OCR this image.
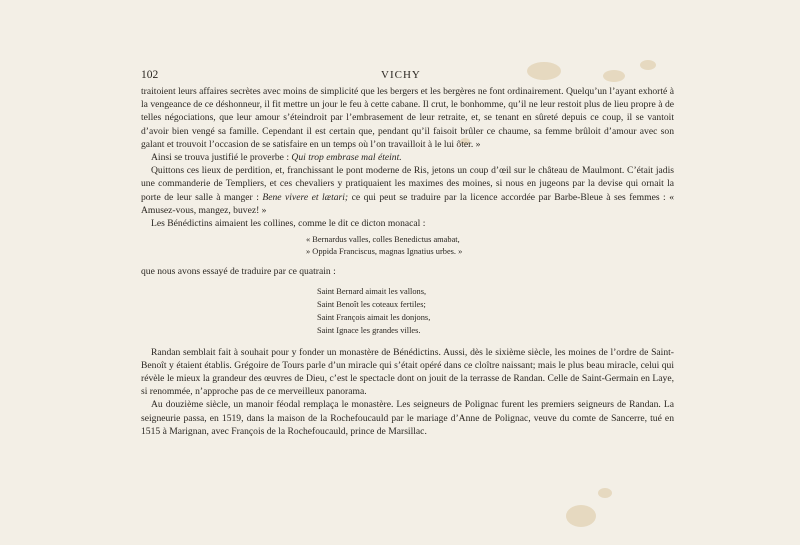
102	VICHY

traitoient leurs affaires secrètes avec moins de simplicité que les bergers et les bergères ne font ordinairement. Quelqu’un l’ayant exhorté à la vengeance de ce déshonneur, il fit mettre un jour le feu à cette cabane. Il crut, le bonhomme, qu’il ne leur restoit plus de lieu propre à de telles négociations, que leur amour s’éteindroit par l’embrasement de leur retraite, et, se tenant en sûreté depuis ce coup, il se vantoit d’avoir bien vengé sa famille. Cependant il est certain que, pendant qu’il faisoit brûler ce chaume, sa femme brûloit d’amour avec son galant et trouvoit l’occasion de se satisfaire en un temps où l’on travailloit à le lui ôter. »

Ainsi se trouva justifié le proverbe : Qui trop embrase mal éteint.

Quittons ces lieux de perdition, et, franchissant le pont moderne de Ris, jetons un coup d’œil sur le château de Maulmont. C’était jadis une commanderie de Templiers, et ces chevaliers y pratiquaient les maximes des moines, si nous en jugeons par la devise qui ornait la porte de leur salle à manger : Bene vivere et lætari; ce qui peut se traduire par la licence accordée par Barbe-Bleue à ses femmes : « Amusez-vous, mangez, buvez! »

Les Bénédictins aimaient les collines, comme le dit ce dicton monacal :

« Bernardus valles, colles Benedictus amabat,
» Oppida Franciscus, magnas Ignatius urbes. »

que nous avons essayé de traduire par ce quatrain :

Saint Bernard aimait les vallons,
Saint Benoît les coteaux fertiles;
Saint François aimait les donjons,
Saint Ignace les grandes villes.

Randan semblait fait à souhait pour y fonder un monastère de Bénédictins. Aussi, dès le sixième siècle, les moines de l’ordre de Saint-Benoît y étaient établis. Grégoire de Tours parle d’un miracle qui s’était opéré dans ce cloître naissant; mais le plus beau miracle, celui qui révèle le mieux la grandeur des œuvres de Dieu, c’est le spectacle dont on jouit de la terrasse de Randan. Celle de Saint-Germain en Laye, si renommée, n’approche pas de ce merveilleux panorama.

Au douzième siècle, un manoir féodal remplaça le monastère. Les seigneurs de Polignac furent les premiers seigneurs de Randan. La seigneurie passa, en 1519, dans la maison de la Rochefoucauld par le mariage d’Anne de Polignac, veuve du comte de Sancerre, tué en 1515 à Marignan, avec François de la Rochefoucauld, prince de Marsillac.
